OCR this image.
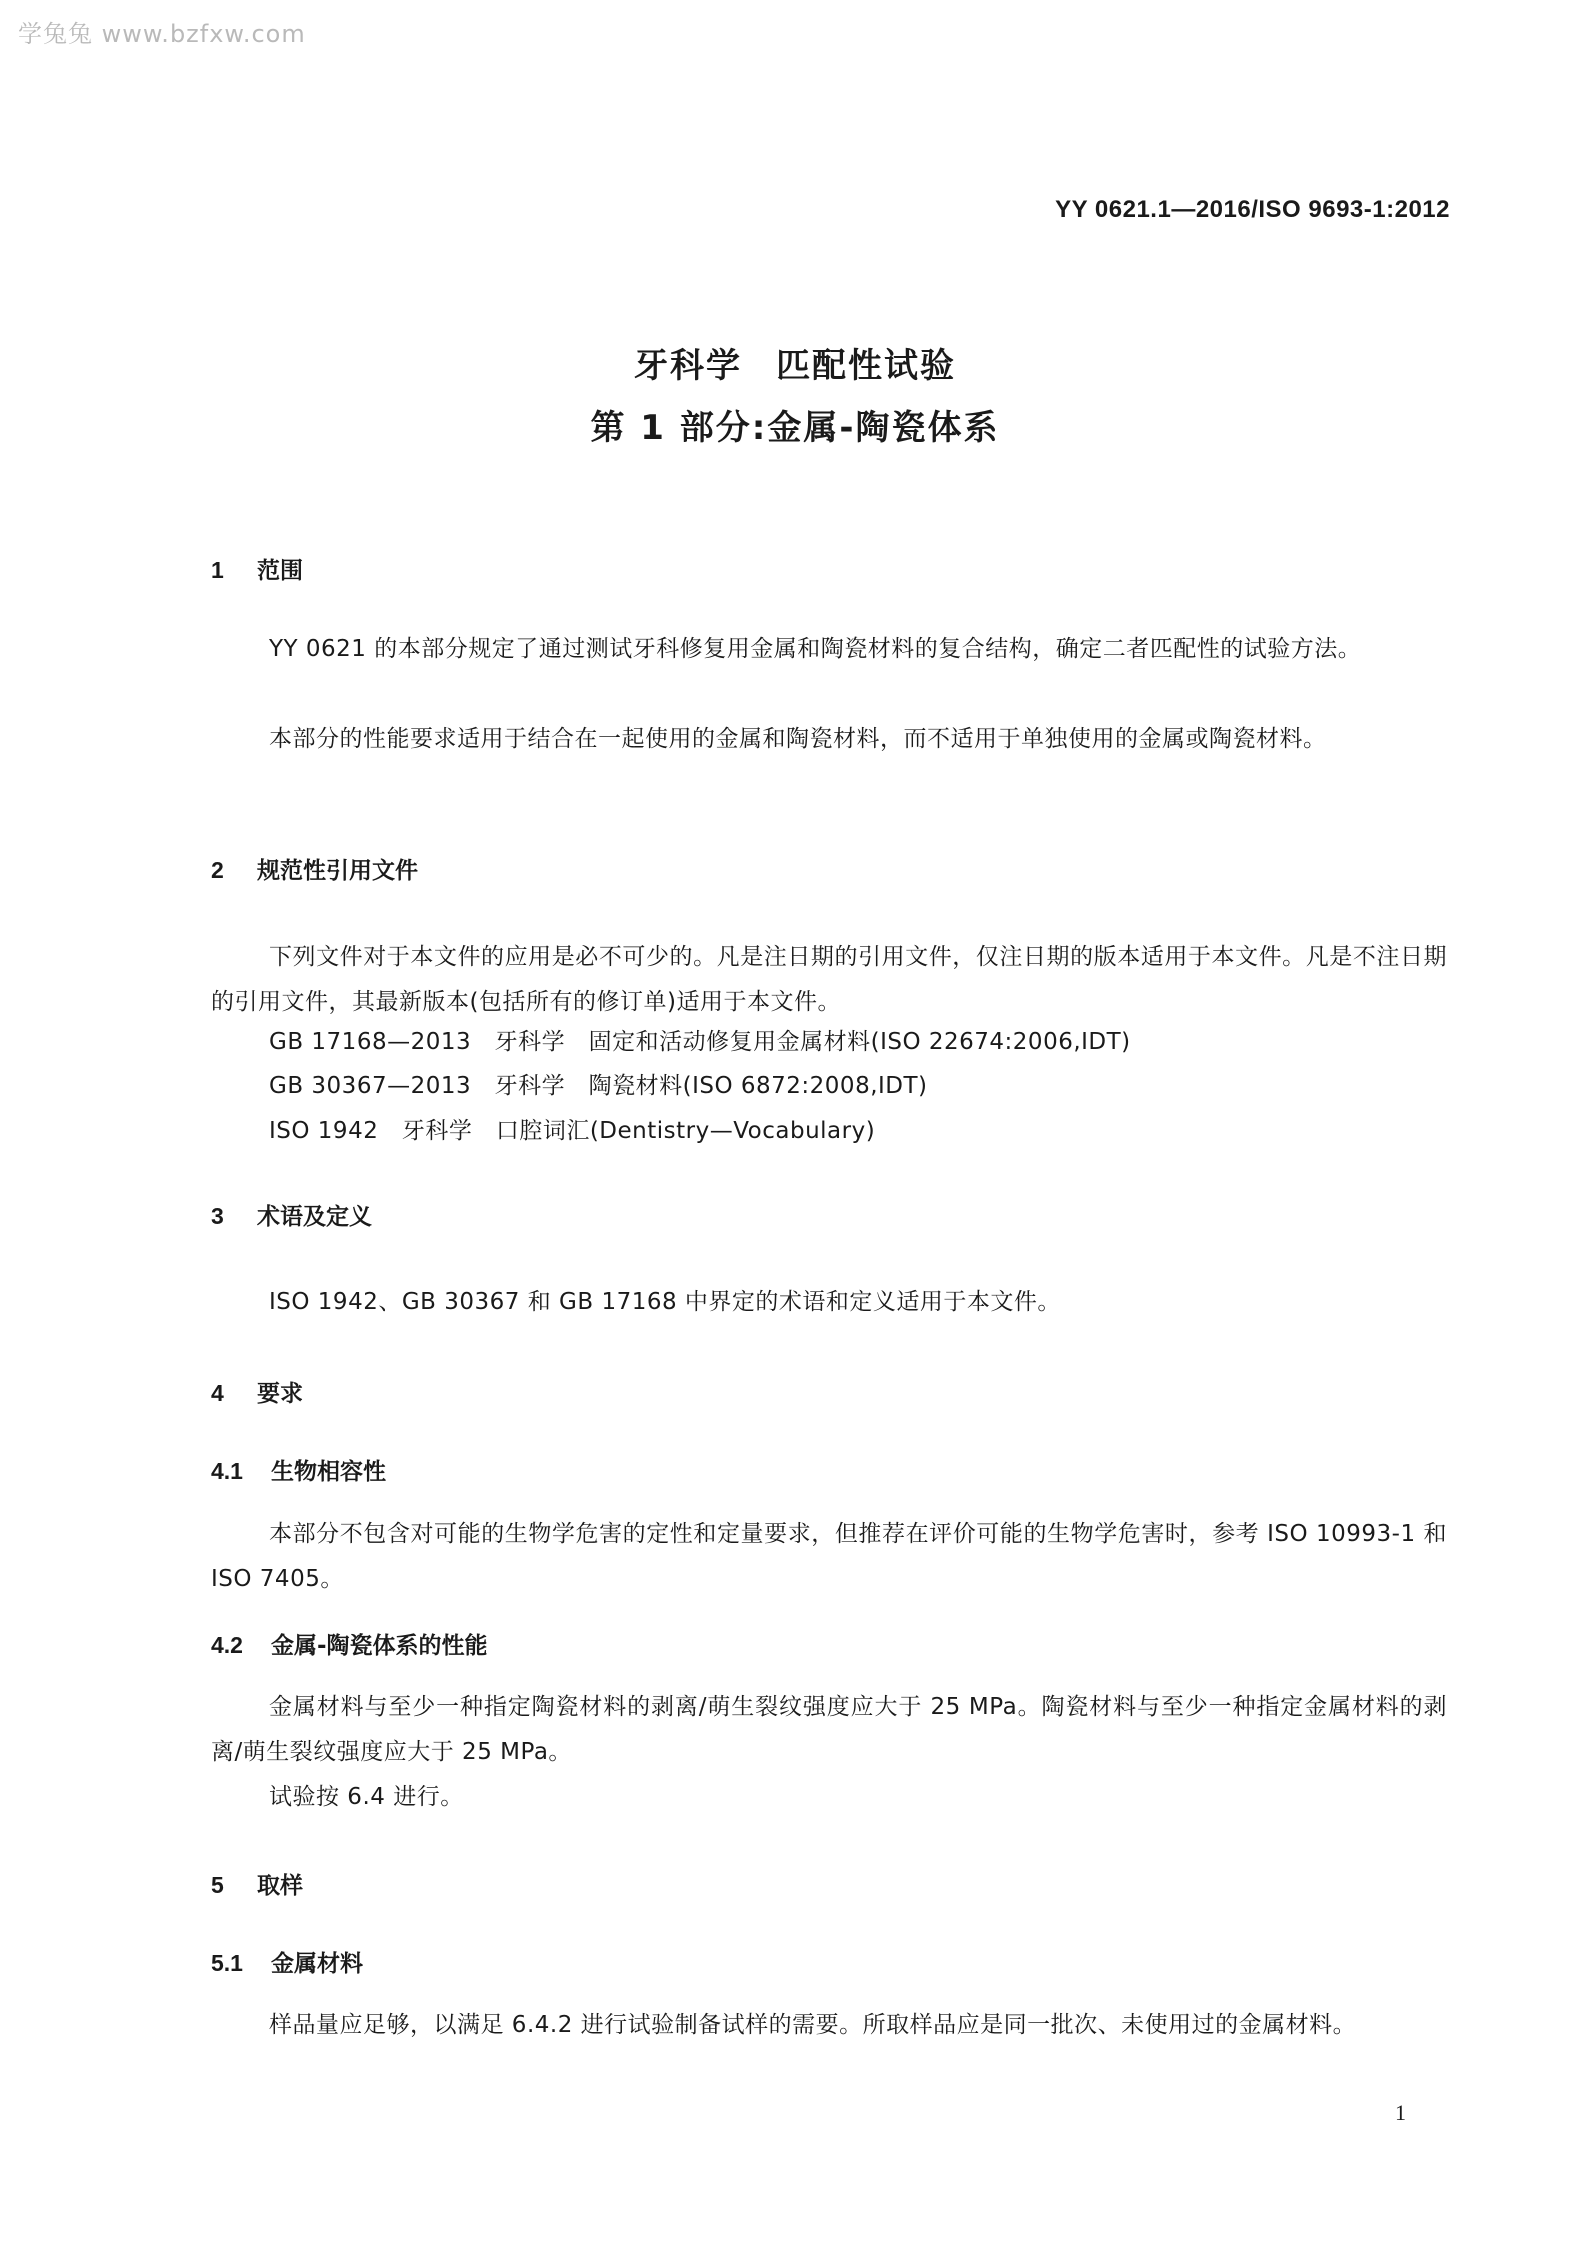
学兔兔 www.bzfxw.com
YY 0621.1—2016/ISO 9693-1:2012
牙科学 匹配性试验
第 1 部分:金属-陶瓷体系
1 范围
YY 0621 的本部分规定了通过测试牙科修复用金属和陶瓷材料的复合结构，确定二者匹配性的试验方法。
本部分的性能要求适用于结合在一起使用的金属和陶瓷材料，而不适用于单独使用的金属或陶瓷材料。
2 规范性引用文件
下列文件对于本文件的应用是必不可少的。凡是注日期的引用文件，仅注日期的版本适用于本文件。凡是不注日期的引用文件，其最新版本(包括所有的修订单)适用于本文件。
GB 17168—2013　牙科学　固定和活动修复用金属材料(ISO 22674:2006,IDT)
GB 30367—2013　牙科学　陶瓷材料(ISO 6872:2008,IDT)
ISO 1942　牙科学　口腔词汇(Dentistry—Vocabulary)
3 术语及定义
ISO 1942、GB 30367 和 GB 17168 中界定的术语和定义适用于本文件。
4 要求
4.1 生物相容性
本部分不包含对可能的生物学危害的定性和定量要求，但推荐在评价可能的生物学危害时，参考 ISO 10993-1 和 ISO 7405。
4.2 金属-陶瓷体系的性能
金属材料与至少一种指定陶瓷材料的剥离/萌生裂纹强度应大于 25 MPa。陶瓷材料与至少一种指定金属材料的剥离/萌生裂纹强度应大于 25 MPa。
试验按 6.4 进行。
5 取样
5.1 金属材料
样品量应足够，以满足 6.4.2 进行试验制备试样的需要。所取样品应是同一批次、未使用过的金属材料。
1
